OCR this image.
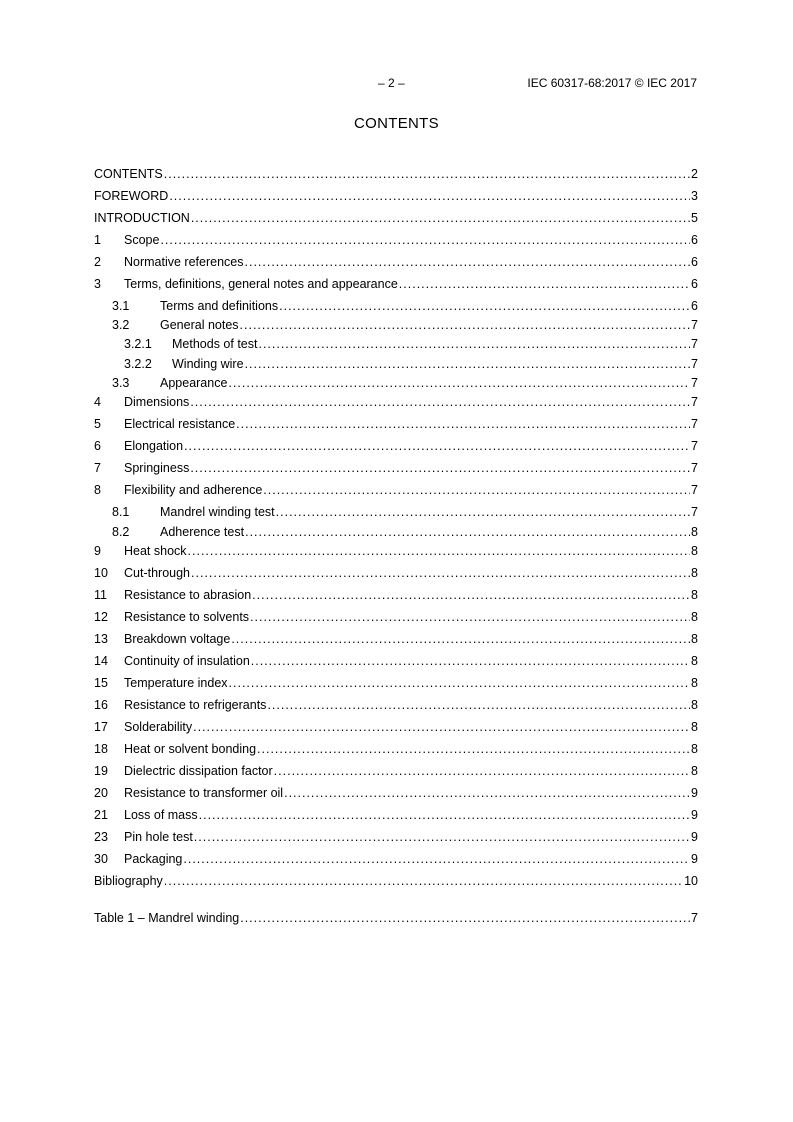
– 2 –	IEC 60317-68:2017 © IEC 2017
CONTENTS
CONTENTS .....	2
FOREWORD .....	3
INTRODUCTION .....	5
1	Scope .....	6
2	Normative references .....	6
3	Terms, definitions, general notes and appearance .....	6
3.1	Terms and definitions .....	6
3.2	General notes .....	7
3.2.1	Methods of test .....	7
3.2.2	Winding wire .....	7
3.3	Appearance .....	7
4	Dimensions .....	7
5	Electrical resistance .....	7
6	Elongation .....	7
7	Springiness .....	7
8	Flexibility and adherence .....	7
8.1	Mandrel winding test .....	7
8.2	Adherence test .....	8
9	Heat shock .....	8
10	Cut-through .....	8
11	Resistance to abrasion .....	8
12	Resistance to solvents .....	8
13	Breakdown voltage .....	8
14	Continuity of insulation .....	8
15	Temperature index .....	8
16	Resistance to refrigerants .....	8
17	Solderability .....	8
18	Heat or solvent bonding .....	8
19	Dielectric dissipation factor .....	8
20	Resistance to transformer oil .....	9
21	Loss of mass .....	9
23	Pin hole test .....	9
30	Packaging .....	9
Bibliography .....	10
Table 1 – Mandrel winding .....	7
